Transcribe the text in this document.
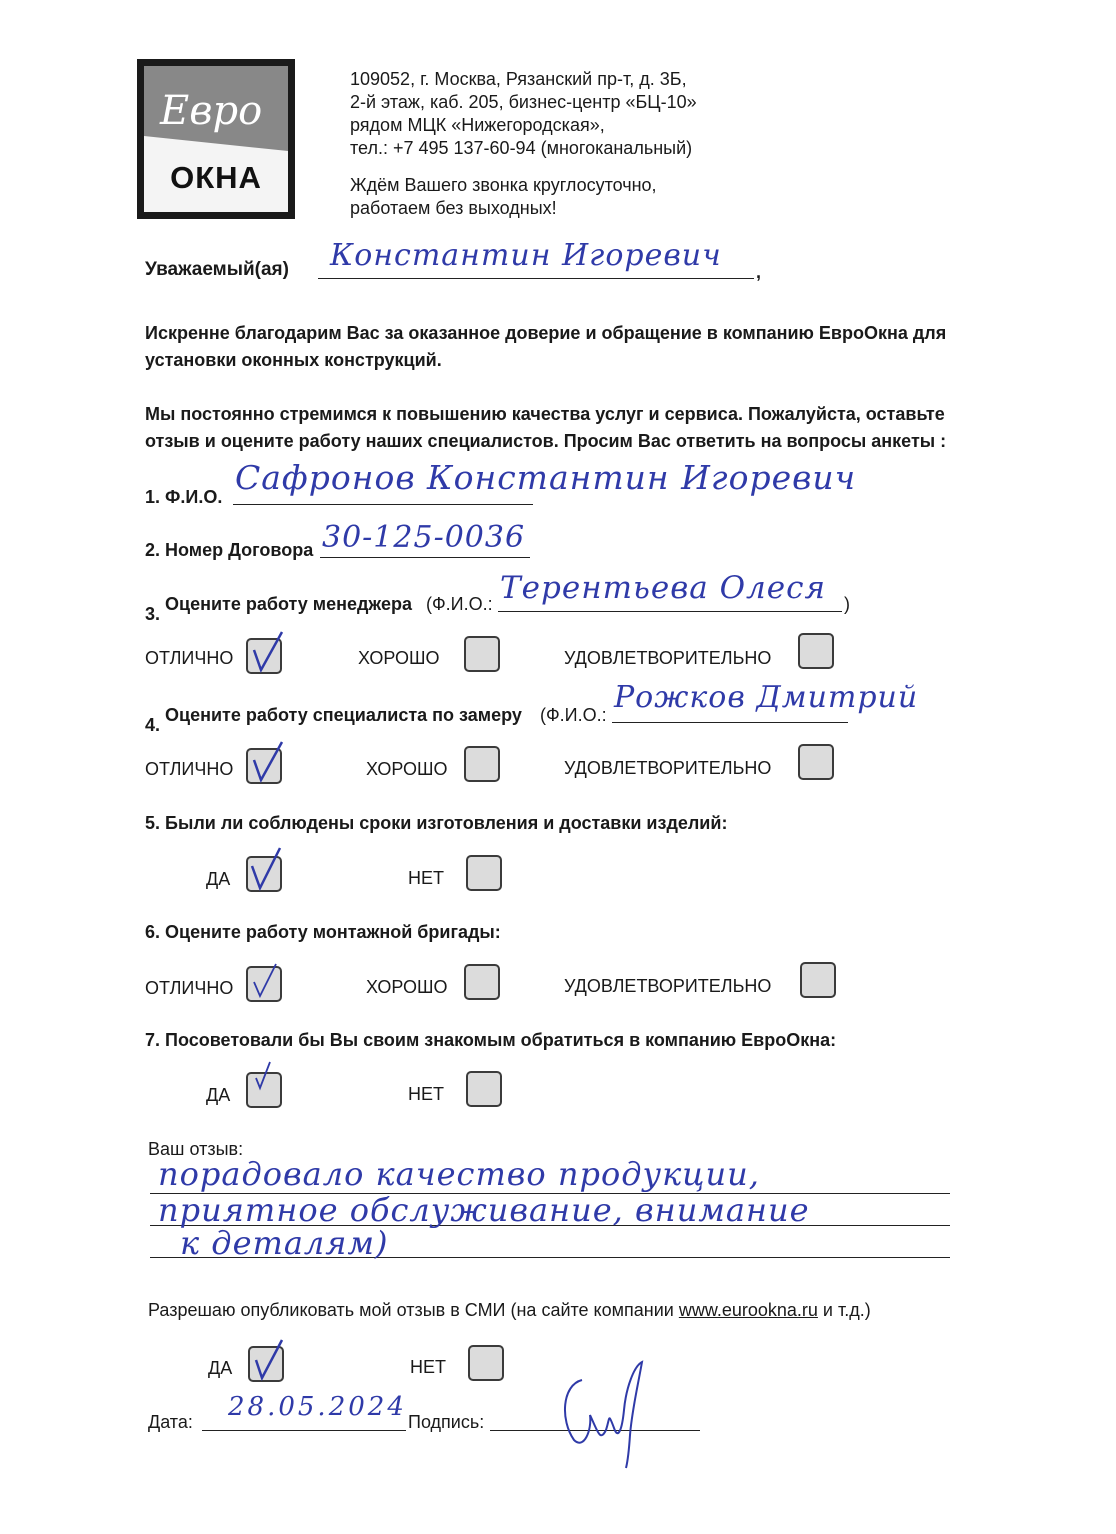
Евро
ОКНА
109052, г. Москва, Рязанский пр-т, д. 3Б,
2-й этаж, каб. 205, бизнес-центр «БЦ-10»
рядом МЦК «Нижегородская»,
тел.: +7 495 137-60-94 (многоканальный)
Ждём Вашего звонка круглосуточно,
работаем без выходных!
Уважаемый(ая) Константин Игоревич ,
Искренне благодарим Вас за оказанное доверие и обращение в компанию ЕвроОкна для
установки оконных конструкций.
Мы постоянно стремимся к повышению качества услуг и сервиса. Пожалуйста, оставьте
отзыв и оцените работу наших специалистов. Просим Вас ответить на вопросы анкеты :
1. Ф.И.О. Сафронов Константин Игоревич
2. Номер Договора 30-125-0036
3. Оцените работу менеджера (Ф.И.О.:	)
Терентьева Олеся
ОТЛИЧНО	ХОРОШО	УДОВЛЕТВОРИТЕЛЬНО
4. Оцените работу специалиста по замеру (Ф.И.О.: Рожков Дмитрий
ОТЛИЧНО	ХОРОШО	УДОВЛЕТВОРИТЕЛЬНО
5. Были ли соблюдены сроки изготовления и доставки изделий:
ДА	НЕТ
6. Оцените работу монтажной бригады:
ОТЛИЧНО	ХОРОШО	УДОВЛЕТВОРИТЕЛЬНО
7. Посоветовали бы Вы своим знакомым обратиться в компанию ЕвроОкна:
ДА	НЕТ
Ваш отзыв:
порадовало качество продукции,
приятное обслуживание, внимание
к деталям)
Разрешаю опубликовать мой отзыв в СМИ (на сайте компании www.eurookna.ru и т.д.)
ДА	НЕТ
Дата: 28.05.2024 Подпись:
